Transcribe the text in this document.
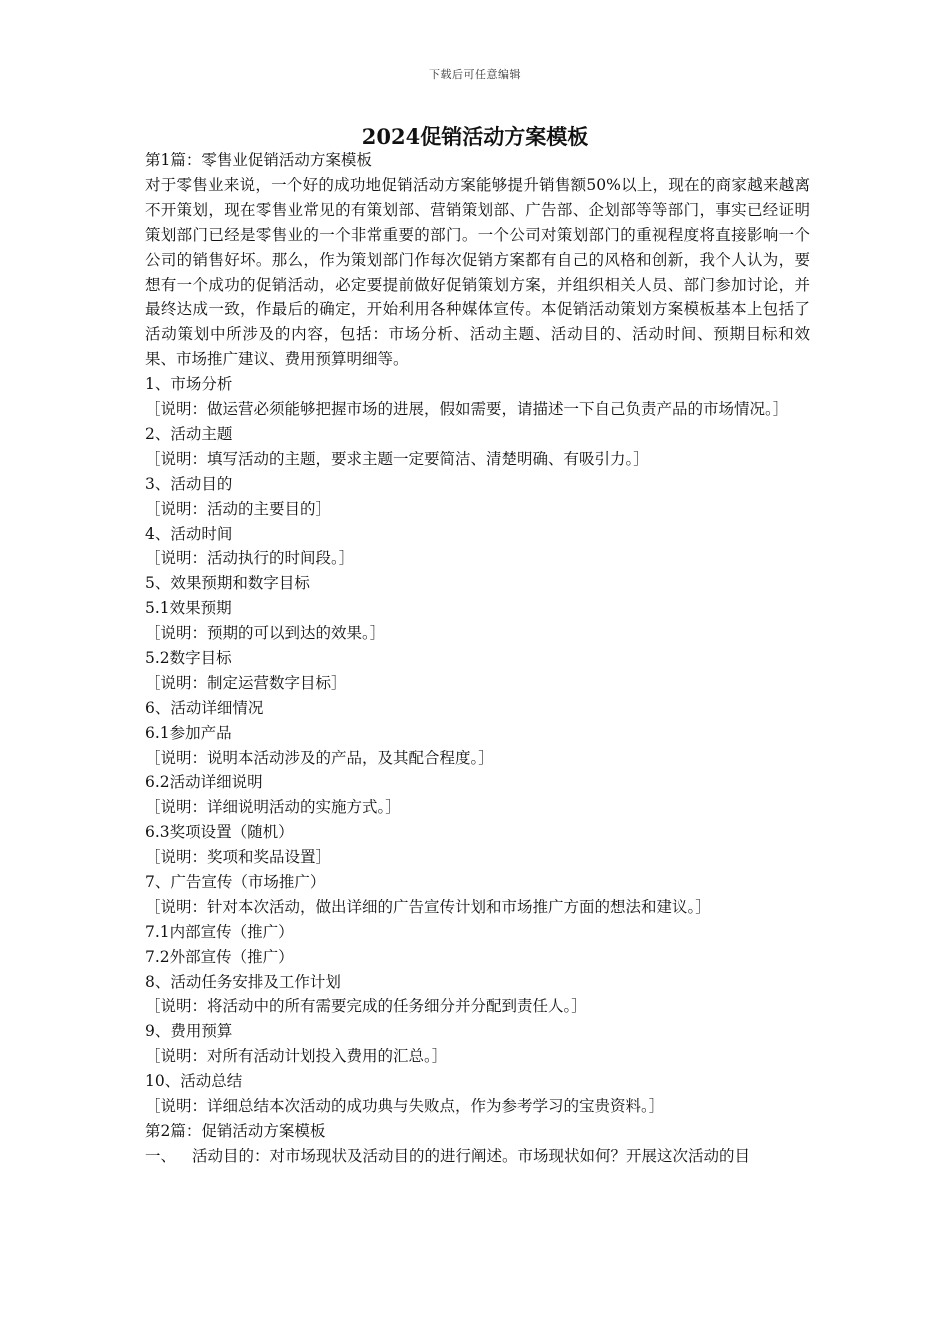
下载后可任意编辑
2024促销活动方案模板
第1篇：零售业促销活动方案模板
对于零售业来说，一个好的成功地促销活动方案能够提升销售额50%以上，现在的商家越来越离不开策划，现在零售业常见的有策划部、营销策划部、广告部、企划部等等部门，事实已经证明策划部门已经是零售业的一个非常重要的部门。一个公司对策划部门的重视程度将直接影响一个公司的销售好坏。那么，作为策划部门作每次促销方案都有自己的风格和创新，我个人认为，要想有一个成功的促销活动，必定要提前做好促销策划方案，并组织相关人员、部门参加讨论，并最终达成一致，作最后的确定，开始利用各种媒体宣传。本促销活动策划方案模板基本上包括了活动策划中所涉及的内容，包括：市场分析、活动主题、活动目的、活动时间、预期目标和效果、市场推广建议、费用预算明细等。
1、市场分析
［说明：做运营必须能够把握市场的进展，假如需要，请描述一下自己负责产品的市场情况。］
2、活动主题
［说明：填写活动的主题，要求主题一定要简洁、清楚明确、有吸引力。］
3、活动目的
［说明：活动的主要目的］
4、活动时间
［说明：活动执行的时间段。］
5、效果预期和数字目标
5.1效果预期
［说明：预期的可以到达的效果。］
5.2数字目标
［说明：制定运营数字目标］
6、活动详细情况
6.1参加产品
［说明：说明本活动涉及的产品，及其配合程度。］
6.2活动详细说明
［说明：详细说明活动的实施方式。］
6.3奖项设置（随机）
［说明：奖项和奖品设置］
7、广告宣传（市场推广）
［说明：针对本次活动，做出详细的广告宣传计划和市场推广方面的想法和建议。］
7.1内部宣传（推广）
7.2外部宣传（推广）
8、活动任务安排及工作计划
［说明：将活动中的所有需要完成的任务细分并分配到责任人。］
9、费用预算
［说明：对所有活动计划投入费用的汇总。］
10、活动总结
［说明：详细总结本次活动的成功典与失败点，作为参考学习的宝贵资料。］
第2篇：促销活动方案模板
一、 活动目的：对市场现状及活动目的的进行阐述。市场现状如何？开展这次活动的目
